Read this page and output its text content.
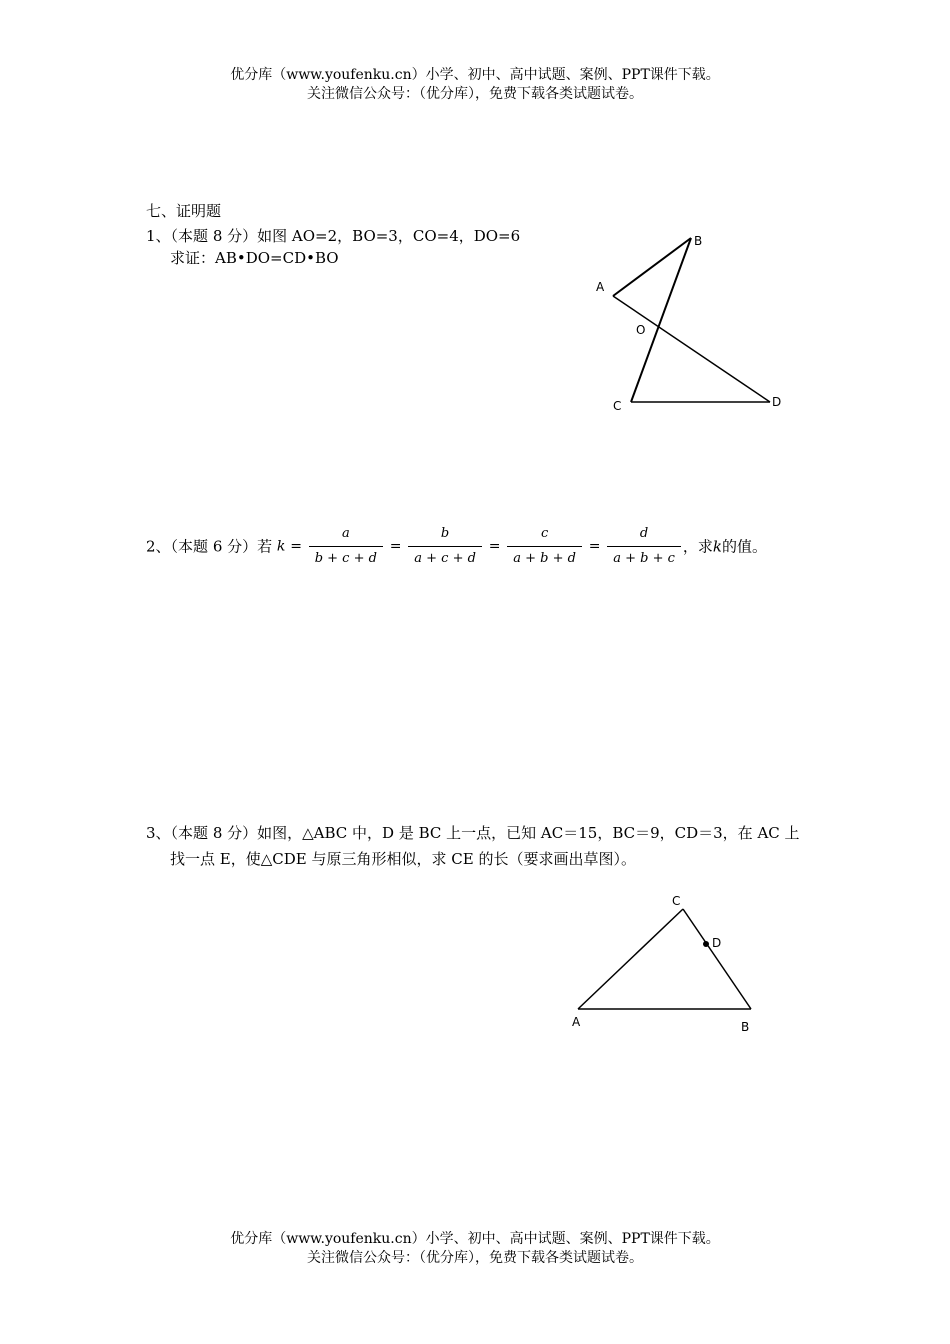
优分库（www.youfenku.cn）小学、初中、高中试题、案例、PPT课件下载。
关注微信公众号：（优分库），免费下载各类试题试卷。
七、证明题
1、（本题 8 分）如图 AO=2，BO=3，CO=4，DO=6
求证：AB•DO=CD•BO
A
B
O
C	D
2、（本题 6 分）若 $k = \frac{a}{b + c + d} = \frac{b}{a + c + d} = \frac{c}{a + b + d} = \frac{d}{a + b + c}$ ，求k的值。
3、（本题 8 分）如图，△ABC 中，D 是 BC 上一点，已知 AC＝15，BC＝9，CD＝3，在 AC 上
找一点 E，使△CDE 与原三角形相似，求 CE 的长（要求画出草图）。
C
D
A	B
优分库（www.youfenku.cn）小学、初中、高中试题、案例、PPT课件下载。
关注微信公众号：（优分库），免费下载各类试题试卷。
